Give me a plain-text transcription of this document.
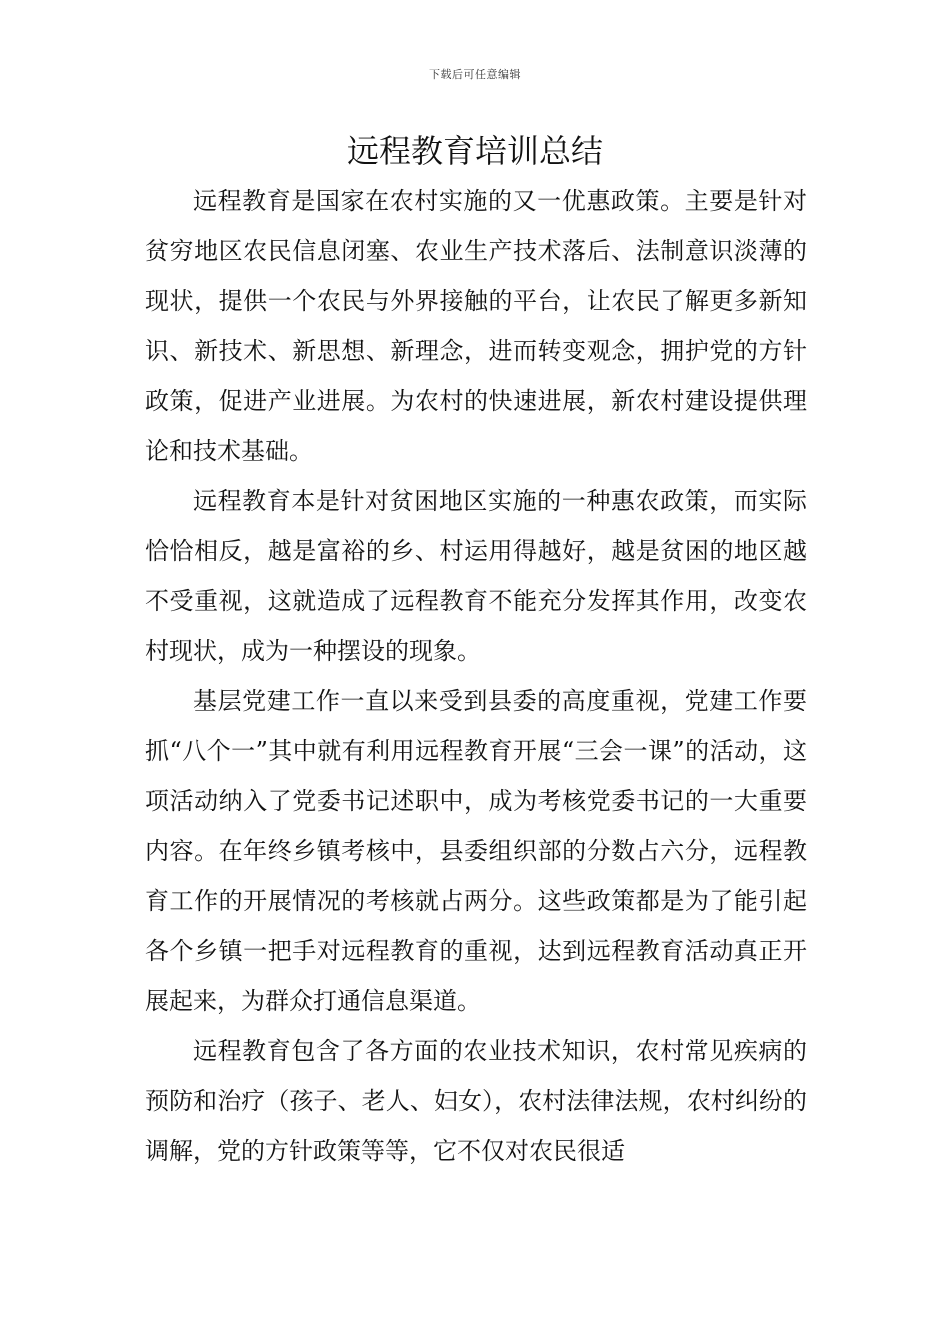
下载后可任意编辑
远程教育培训总结

远程教育是国家在农村实施的又一优惠政策。主要是针对贫穷地区农民信息闭塞、农业生产技术落后、法制意识淡薄的现状，提供一个农民与外界接触的平台，让农民了解更多新知识、新技术、新思想、新理念，进而转变观念，拥护党的方针政策，促进产业进展。为农村的快速进展，新农村建设提供理论和技术基础。

远程教育本是针对贫困地区实施的一种惠农政策，而实际恰恰相反，越是富裕的乡、村运用得越好，越是贫困的地区越不受重视，这就造成了远程教育不能充分发挥其作用，改变农村现状，成为一种摆设的现象。

基层党建工作一直以来受到县委的高度重视，党建工作要抓“八个一”其中就有利用远程教育开展“三会一课”的活动，这项活动纳入了党委书记述职中，成为考核党委书记的一大重要内容。在年终乡镇考核中，县委组织部的分数占六分，远程教育工作的开展情况的考核就占两分。这些政策都是为了能引起各个乡镇一把手对远程教育的重视，达到远程教育活动真正开展起来，为群众打通信息渠道。

远程教育包含了各方面的农业技术知识，农村常见疾病的预防和治疗（孩子、老人、妇女），农村法律法规，农村纠纷的调解，党的方针政策等等，它不仅对农民很适
